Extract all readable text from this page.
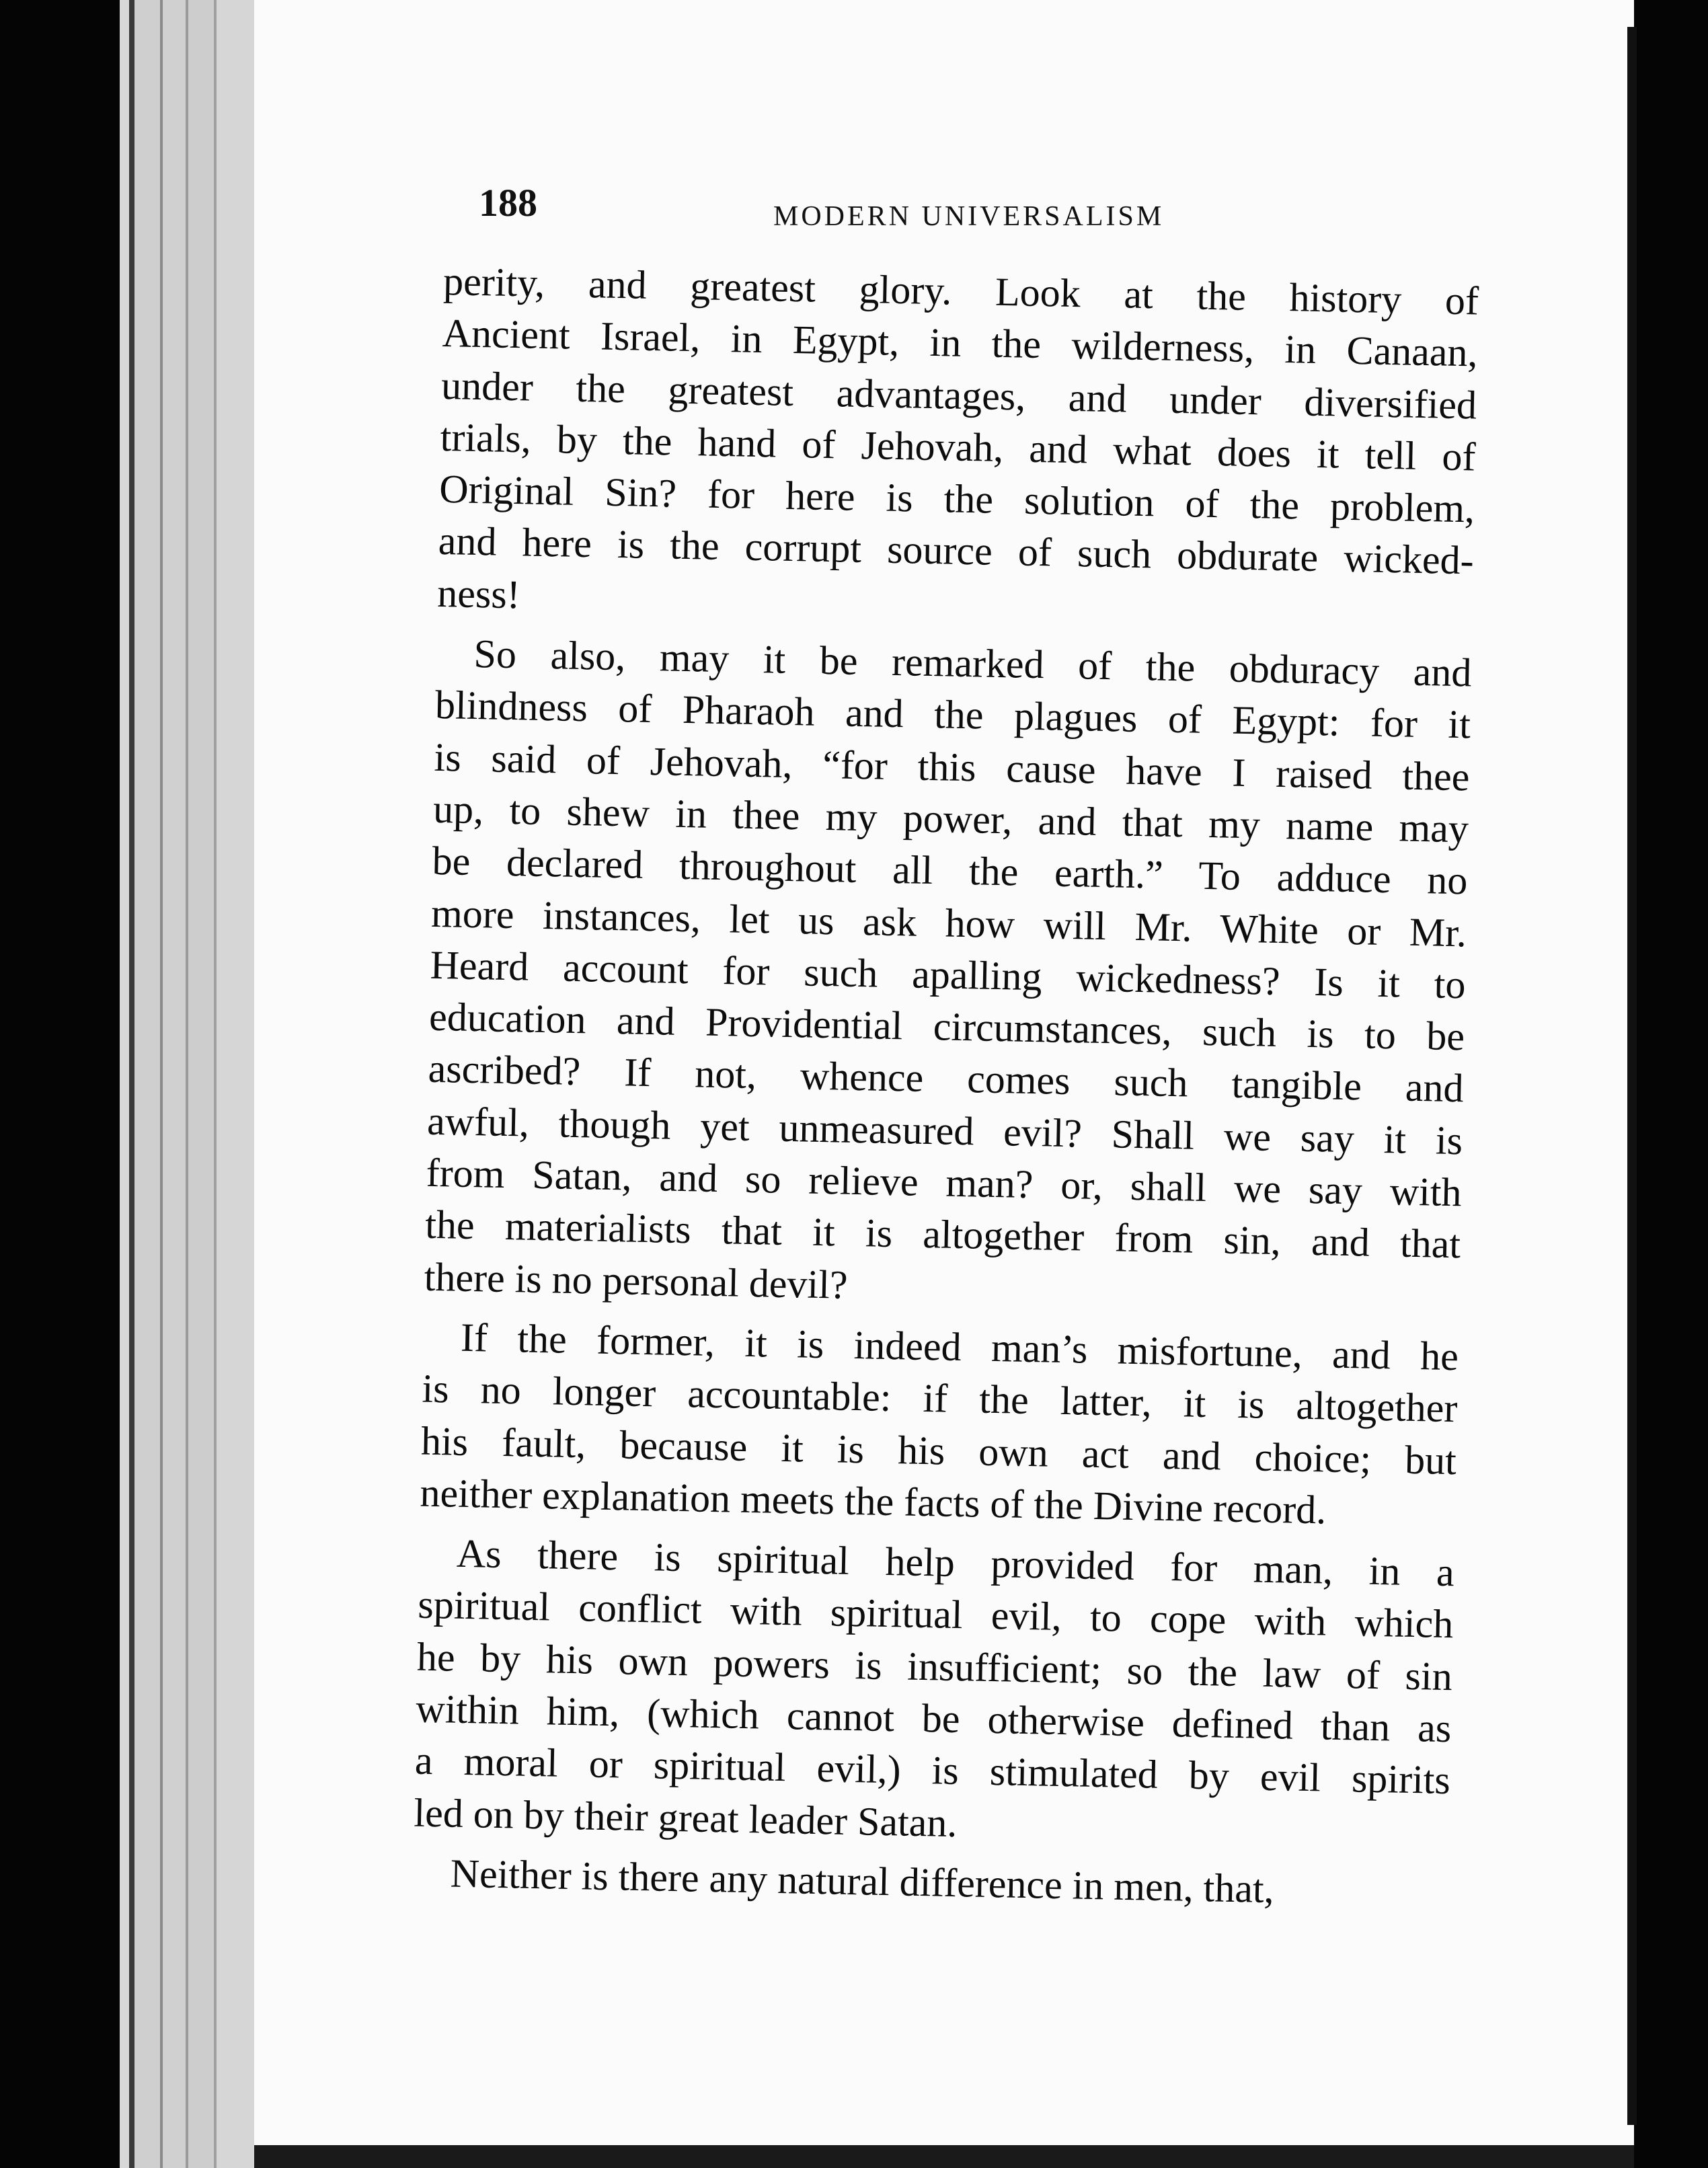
188	MODERN UNIVERSALISM

perity, and greatest glory. Look at the history of
Ancient Israel, in Egypt, in the wilderness, in Canaan,
under the greatest advantages, and under diversified
trials, by the hand of Jehovah, and what does it tell of
Original Sin? for here is the solution of the problem,
and here is the corrupt source of such obdurate wicked-
ness!

So also, may it be remarked of the obduracy and
blindness of Pharaoh and the plagues of Egypt: for it
is said of Jehovah, “for this cause have I raised thee
up, to shew in thee my power, and that my name may
be declared throughout all the earth.” To adduce no
more instances, let us ask how will Mr. White or Mr.
Heard account for such apalling wickedness? Is it to
education and Providential circumstances, such is to be
ascribed? If not, whence comes such tangible and
awful, though yet unmeasured evil? Shall we say it is
from Satan, and so relieve man? or, shall we say with
the materialists that it is altogether from sin, and that
there is no personal devil?

If the former, it is indeed man’s misfortune, and he
is no longer accountable: if the latter, it is altogether
his fault, because it is his own act and choice; but
neither explanation meets the facts of the Divine record.

As there is spiritual help provided for man, in a
spiritual conflict with spiritual evil, to cope with which
he by his own powers is insufficient; so the law of sin
within him, (which cannot be otherwise defined than as
a moral or spiritual evil,) is stimulated by evil spirits
led on by their great leader Satan.

Neither is there any natural difference in men, that,
